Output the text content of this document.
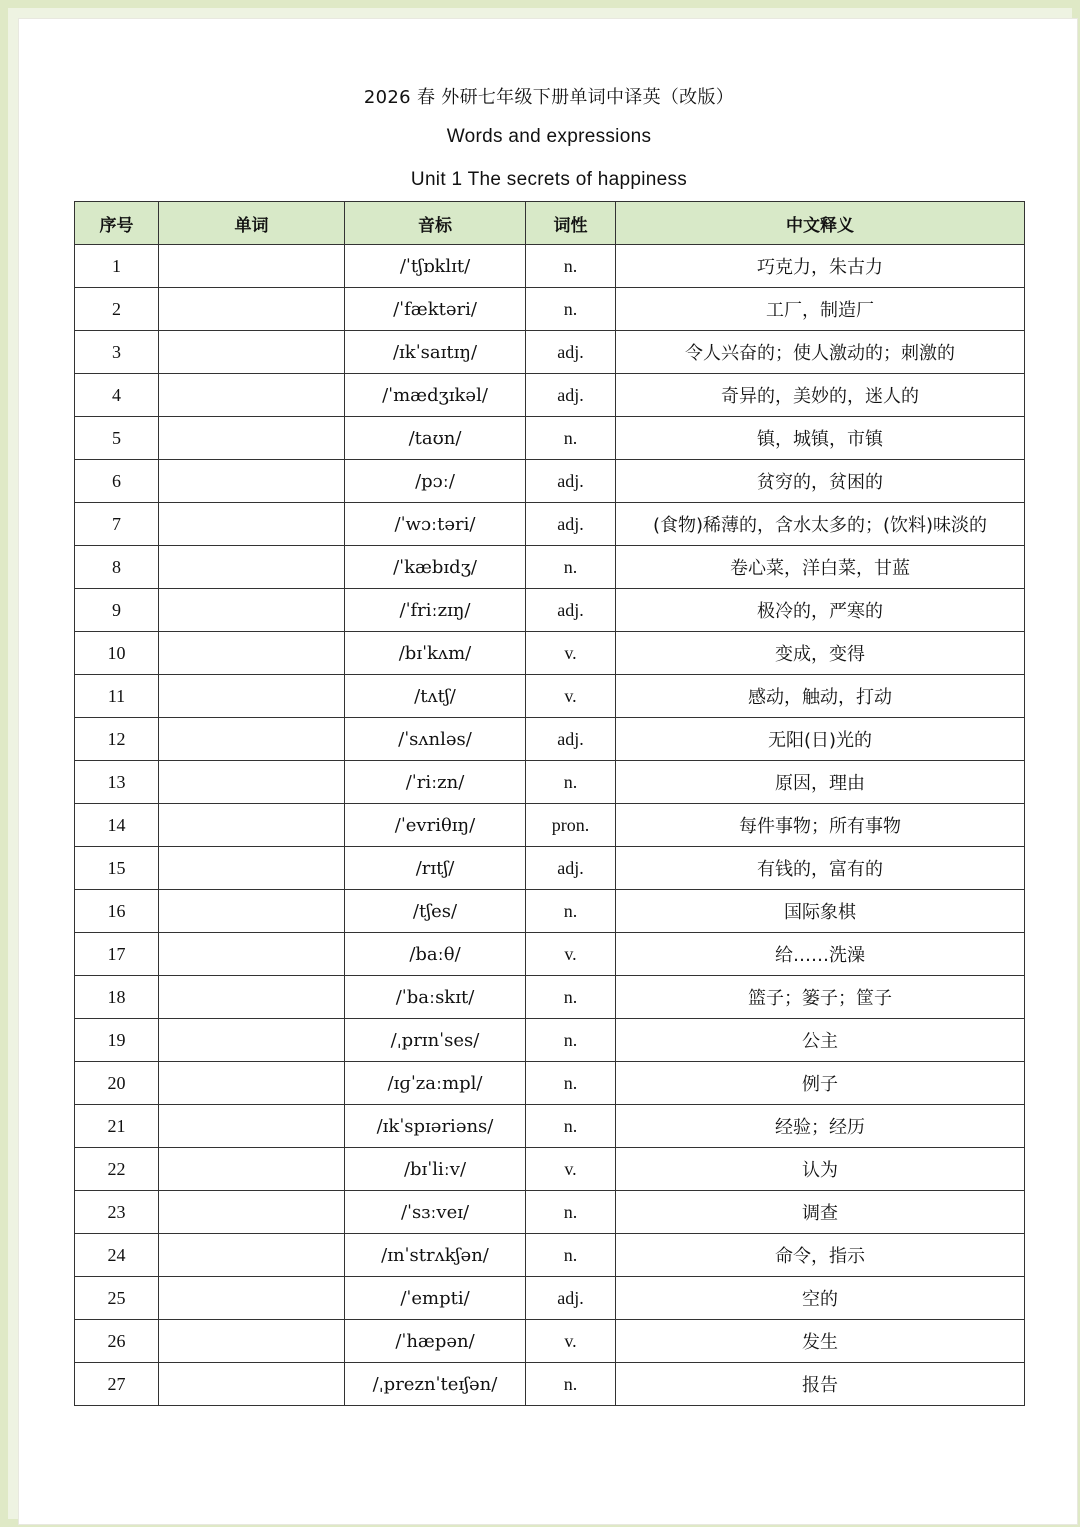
2026 春 外研七年级下册单词中译英（改版）
Words and expressions
Unit 1 The secrets of happiness
序号	单词	音标	词性	中文释义
1		/ˈtʃɒklɪt/	n.	巧克力，朱古力
2		/ˈfæktəri/	n.	工厂，制造厂
3		/ɪkˈsaɪtɪŋ/	adj.	令人兴奋的；使人激动的；刺激的
4		/ˈmædʒɪkəl/	adj.	奇异的，美妙的，迷人的
5		/taʊn/	n.	镇，城镇，市镇
6		/pɔː/	adj.	贫穷的，贫困的
7		/ˈwɔːtəri/	adj.	(食物)稀薄的，含水太多的；(饮料)味淡的
8		/ˈkæbɪdʒ/	n.	卷心菜，洋白菜，甘蓝
9		/ˈfriːzɪŋ/	adj.	极冷的，严寒的
10		/bɪˈkʌm/	v.	变成，变得
11		/tʌtʃ/	v.	感动，触动，打动
12		/ˈsʌnləs/	adj.	无阳(日)光的
13		/ˈriːzn/	n.	原因，理由
14		/ˈevriθɪŋ/	pron.	每件事物；所有事物
15		/rɪtʃ/	adj.	有钱的，富有的
16		/tʃes/	n.	国际象棋
17		/baːθ/	v.	给……洗澡
18		/ˈbaːskɪt/	n.	篮子；篓子；筐子
19		/ˌprɪnˈses/	n.	公主
20		/ɪɡˈzaːmpl/	n.	例子
21		/ɪkˈspɪəriəns/	n.	经验；经历
22		/bɪˈliːv/	v.	认为
23		/ˈsɜːveɪ/	n.	调查
24		/ɪnˈstrʌkʃən/	n.	命令，指示
25		/ˈempti/	adj.	空的
26		/ˈhæpən/	v.	发生
27		/ˌpreznˈteɪʃən/	n.	报告
